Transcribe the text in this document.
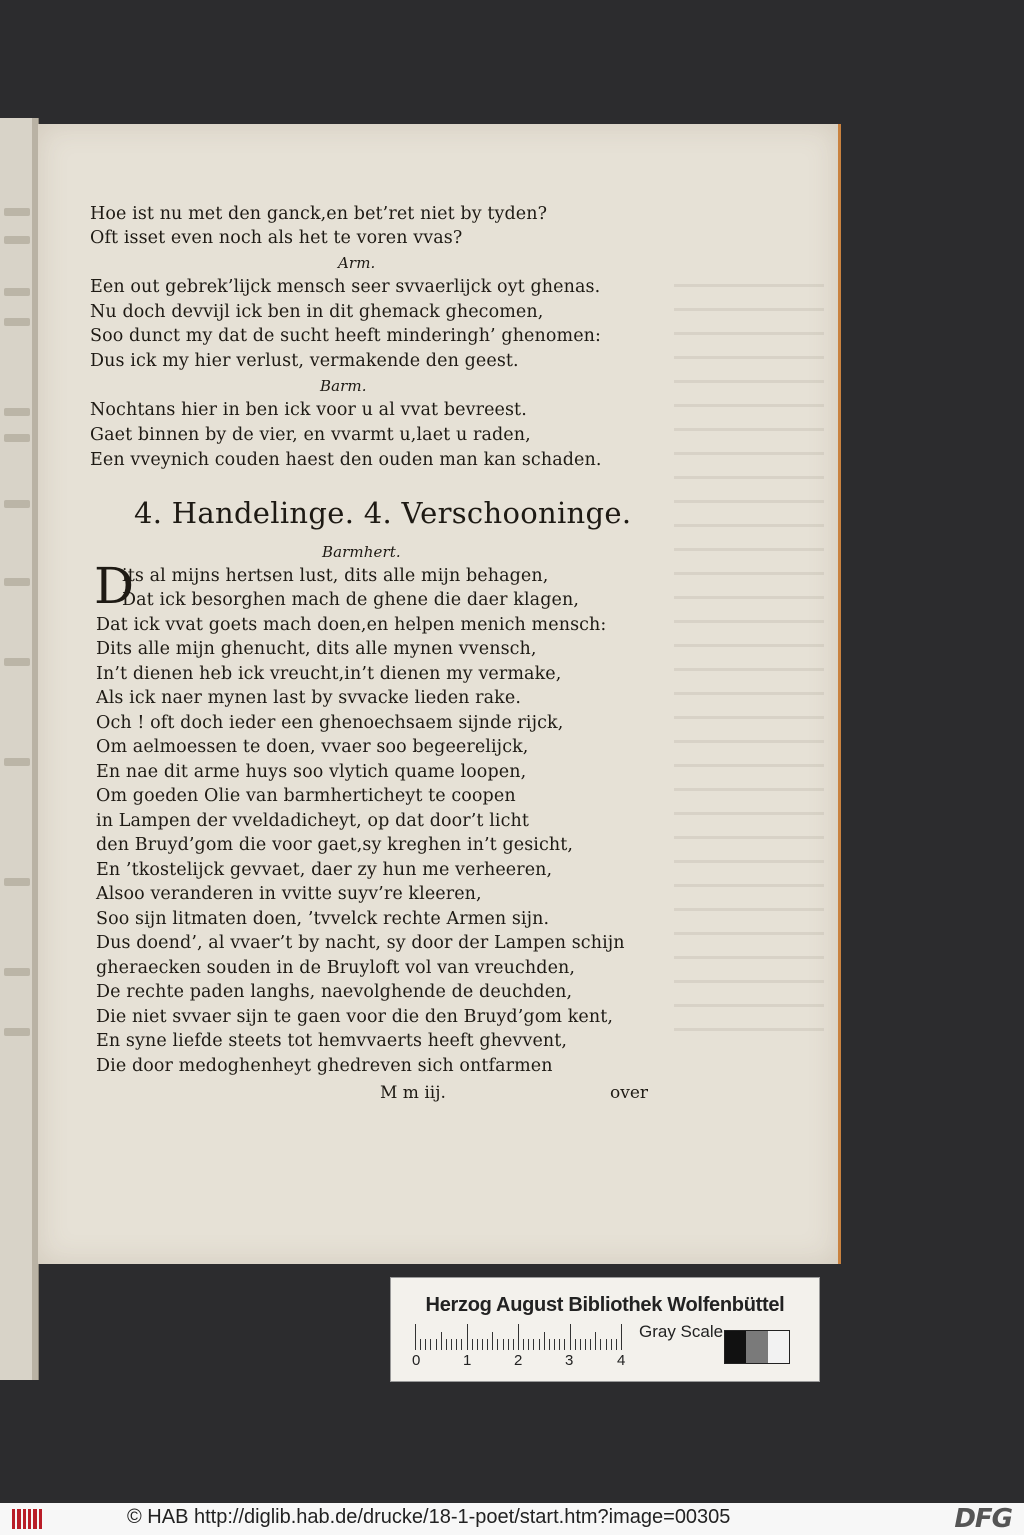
Hoe ist nu met den ganck,en bet’ret niet by tyden?
Oft isset even noch als het te voren vvas?
Arm.
Een out gebrek’lijck mensch seer svvaerlijck oyt ghenas.
Nu doch devvijl ick ben in dit ghemack ghecomen,
Soo dunct my dat de sucht heeft minderingh’ ghenomen:
Dus ick my hier verlust, vermakende den geest.
Barm.
Nochtans hier in ben ick voor u al vvat bevreest.
Gaet binnen by de vier, en vvarmt u,laet u raden,
Een vveynich couden haest den ouden man kan schaden.
4. Handelinge. 4. Verschooninge.
Barmhert.
D
its al mijns hertsen lust, dits alle mijn behagen,
Dat ick besorghen mach de ghene die daer klagen,
Dat ick vvat goets mach doen,en helpen menich mensch:
Dits alle mijn ghenucht, dits alle mynen vvensch,
In’t dienen heb ick vreucht,in’t dienen my vermake,
Als ick naer mynen last by svvacke lieden rake.
Och ! oft doch ieder een ghenoechsaem sijnde rijck,
Om aelmoessen te doen, vvaer soo begeerelijck,
En nae dit arme huys soo vlytich quame loopen,
Om goeden Olie van barmherticheyt te coopen
in Lampen der vveldadicheyt, op dat door’t licht
den Bruyd’gom die voor gaet,sy kreghen in’t gesicht,
En ’tkostelijck gevvaet, daer zy hun me verheeren,
Alsoo veranderen in vvitte suyv’re kleeren,
Soo sijn litmaten doen, ’tvvelck rechte Armen sijn.
Dus doend’, al vvaer’t by nacht, sy door der Lampen schijn
gheraecken souden in de Bruyloft vol van vreuchden,
De rechte paden langhs, naevolghende de deuchden,
Die niet svvaer sijn te gaen voor die den Bruyd’gom kent,
En syne liefde steets tot hemvvaerts heeft ghevvent,
Die door medoghenheyt ghedreven sich ontfarmen
M m iij.	over
Herzog August Bibliothek Wolfenbüttel
0	1	2	3	4
Gray Scale
© HAB http://diglib.hab.de/drucke/18-1-poet/start.htm?image=00305	DFG
